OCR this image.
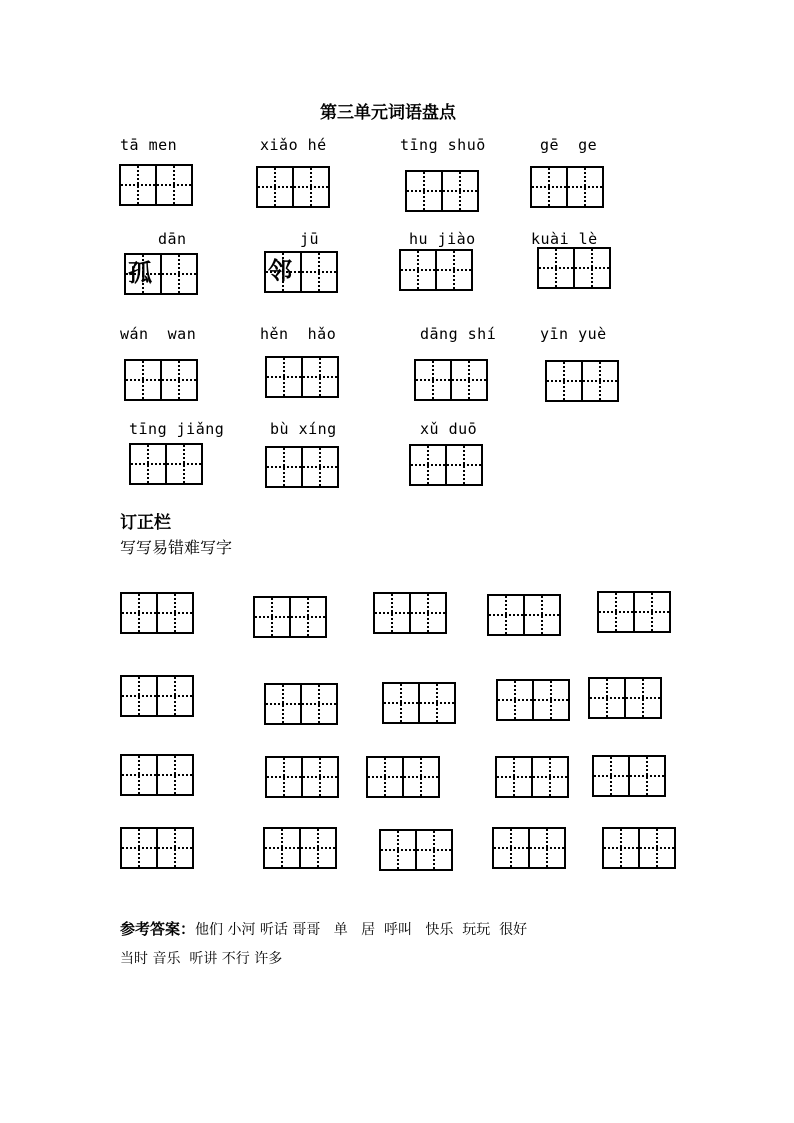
第三单元词语盘点
tā men	xiǎo hé	tīng shuō	gē  ge
dān
孤
jū
邻
hu jiào	kuài lè
wán  wan	hěn  hǎo	dāng shí	yīn yuè
tīng jiǎng	bù xíng	xǔ duō
订正栏
写写易错难写字
参考答案：他们 小河 听话 哥哥   单   居  呼叫   快乐  玩玩  很好
当时 音乐  听讲 不行 许多
